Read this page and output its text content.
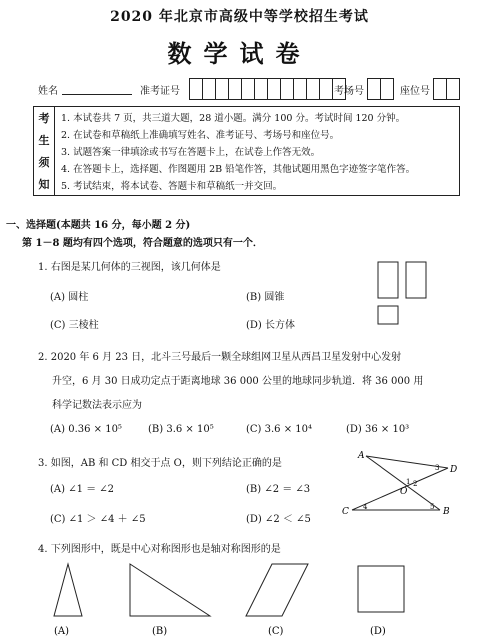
2020 年北京市高级中等学校招生考试
数学试卷
姓名	准考证号	考场号	座位号
考
生
须
知
1. 本试卷共 7 页，共三道大题，28 道小题。满分 100 分。考试时间 120 分钟。
2. 在试卷和草稿纸上准确填写姓名、准考证号、考场号和座位号。
3. 试题答案一律填涂或书写在答题卡上，在试卷上作答无效。
4. 在答题卡上，选择题、作图题用 2B 铅笔作答，其他试题用黑色字迹签字笔作答。
5. 考试结束，将本试卷、答题卡和草稿纸一并交回。
一、选择题(本题共 16 分，每小题 2 分)
第 1－8 题均有四个选项，符合题意的选项只有一个．
1. 右图是某几何体的三视图，该几何体是
(A) 圆柱	(B) 圆锥
(C) 三棱柱	(D) 长方体
2. 2020 年 6 月 23 日，北斗三号最后一颗全球组网卫星从西昌卫星发射中心发射
升空，6 月 30 日成功定点于距离地球 36 000 公里的地球同步轨道．将 36 000 用
科学记数法表示应为
(A) 0.36 × 10⁵	(B) 3.6 × 10⁵	(C) 3.6 × 10⁴	(D) 36 × 10³
3. 如图，AB 和 CD 相交于点 O，则下列结论正确的是
(A) ∠1 ＝ ∠2	(B) ∠2 ＝ ∠3
(C) ∠1 ＞ ∠4 ＋ ∠5	(D) ∠2 ＜ ∠5
A
D
C	B
O
1 2
3
4	5
4. 下列图形中，既是中心对称图形也是轴对称图形的是
(A)	(B)	(C)	(D)
